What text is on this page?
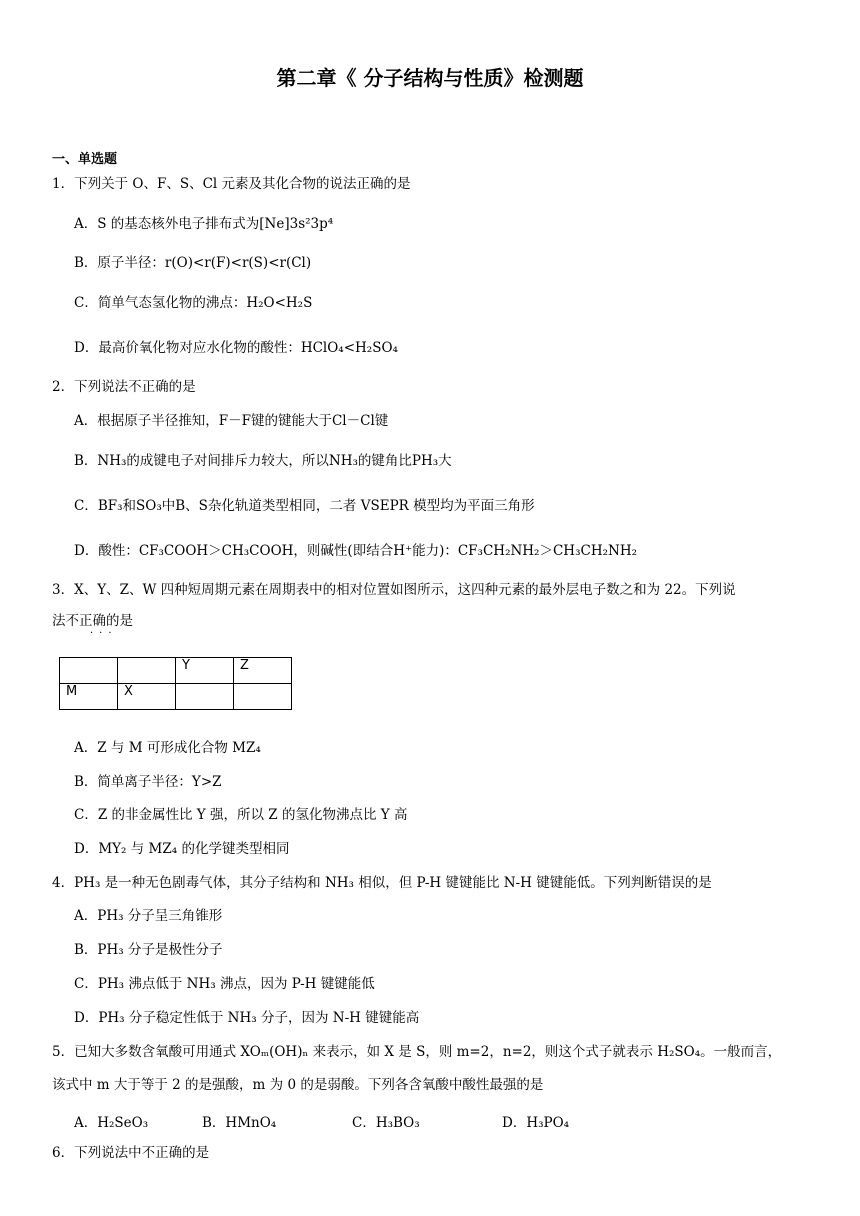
第二章《 分子结构与性质》检测题
一、单选题
1．下列关于 O、F、S、Cl 元素及其化合物的说法正确的是
A．S 的基态核外电子排布式为[Ne]3s²3p⁴
B．原子半径：r(O)<r(F)<r(S)<r(Cl)
C．简单气态氢化物的沸点：H₂O<H₂S
D．最高价氧化物对应水化物的酸性：HClO₄<H₂SO₄
2．下列说法不正确的是
A．根据原子半径推知，F－F键的键能大于Cl－Cl键
B．NH₃的成键电子对间排斥力较大，所以NH₃的键角比PH₃大
C．BF₃和SO₃中B、S杂化轨道类型相同，二者 VSEPR 模型均为平面三角形
D．酸性：CF₃COOH＞CH₃COOH，则碱性(即结合H⁺能力)：CF₃CH₂NH₂＞CH₃CH₂NH₂
3．X、Y、Z、W 四种短周期元素在周期表中的相对位置如图所示，这四种元素的最外层电子数之和为 22。下列说
法不正确的是
···
		Y	Z
M	X		
A．Z 与 M 可形成化合物 MZ₄
B．简单离子半径：Y>Z
C．Z 的非金属性比 Y 强，所以 Z 的氢化物沸点比 Y 高
D．MY₂ 与 MZ₄ 的化学键类型相同
4．PH₃ 是一种无色剧毒气体，其分子结构和 NH₃ 相似，但 P-H 键键能比 N-H 键键能低。下列判断错误的是
A．PH₃ 分子呈三角锥形
B．PH₃ 分子是极性分子
C．PH₃ 沸点低于 NH₃ 沸点，因为 P-H 键键能低
D．PH₃ 分子稳定性低于 NH₃ 分子，因为 N-H 键键能高
5．已知大多数含氧酸可用通式 XOₘ(OH)ₙ 来表示，如 X 是 S，则 m=2，n=2，则这个式子就表示 H₂SO₄。一般而言，
该式中 m 大于等于 2 的是强酸，m 为 0 的是弱酸。下列各含氧酸中酸性最强的是
A．H₂SeO₃	B．HMnO₄	C．H₃BO₃	D．H₃PO₄
6．下列说法中不正确的是
